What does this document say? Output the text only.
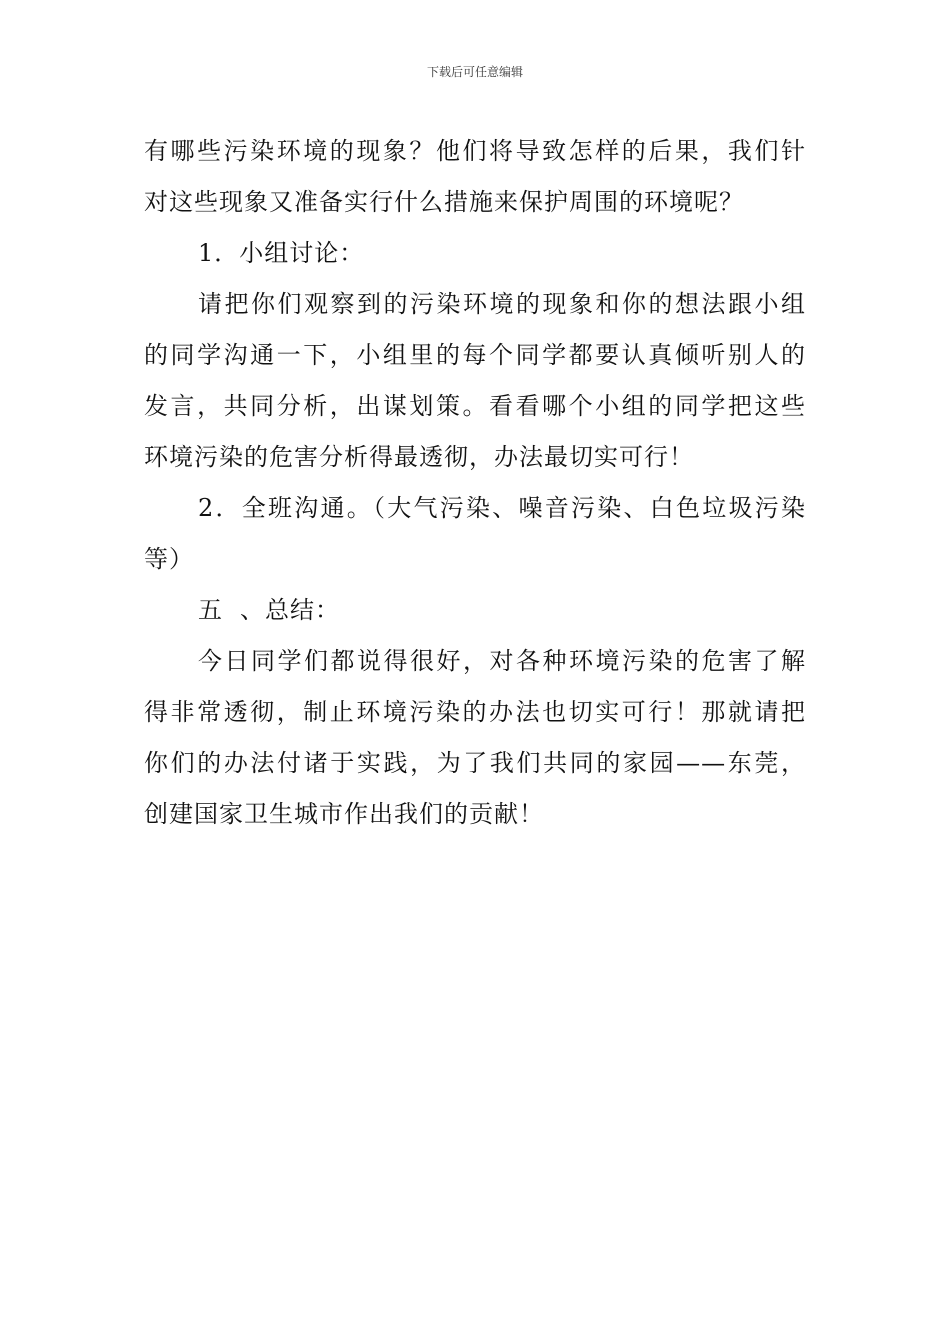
下载后可任意编辑
有哪些污染环境的现象？他们将导致怎样的后果，我们针
对这些现象又准备实行什么措施来保护周围的环境呢？
1．小组讨论：
请把你们观察到的污染环境的现象和你的想法跟小组
的同学沟通一下，小组里的每个同学都要认真倾听别人的
发言，共同分析，出谋划策。看看哪个小组的同学把这些
环境污染的危害分析得最透彻，办法最切实可行！
2．全班沟通。（大气污染、噪音污染、白色垃圾污染
等）
五 、总结：
今日同学们都说得很好，对各种环境污染的危害了解
得非常透彻，制止环境污染的办法也切实可行！那就请把
你们的办法付诸于实践，为了我们共同的家园——东莞，
创建国家卫生城市作出我们的贡献！
